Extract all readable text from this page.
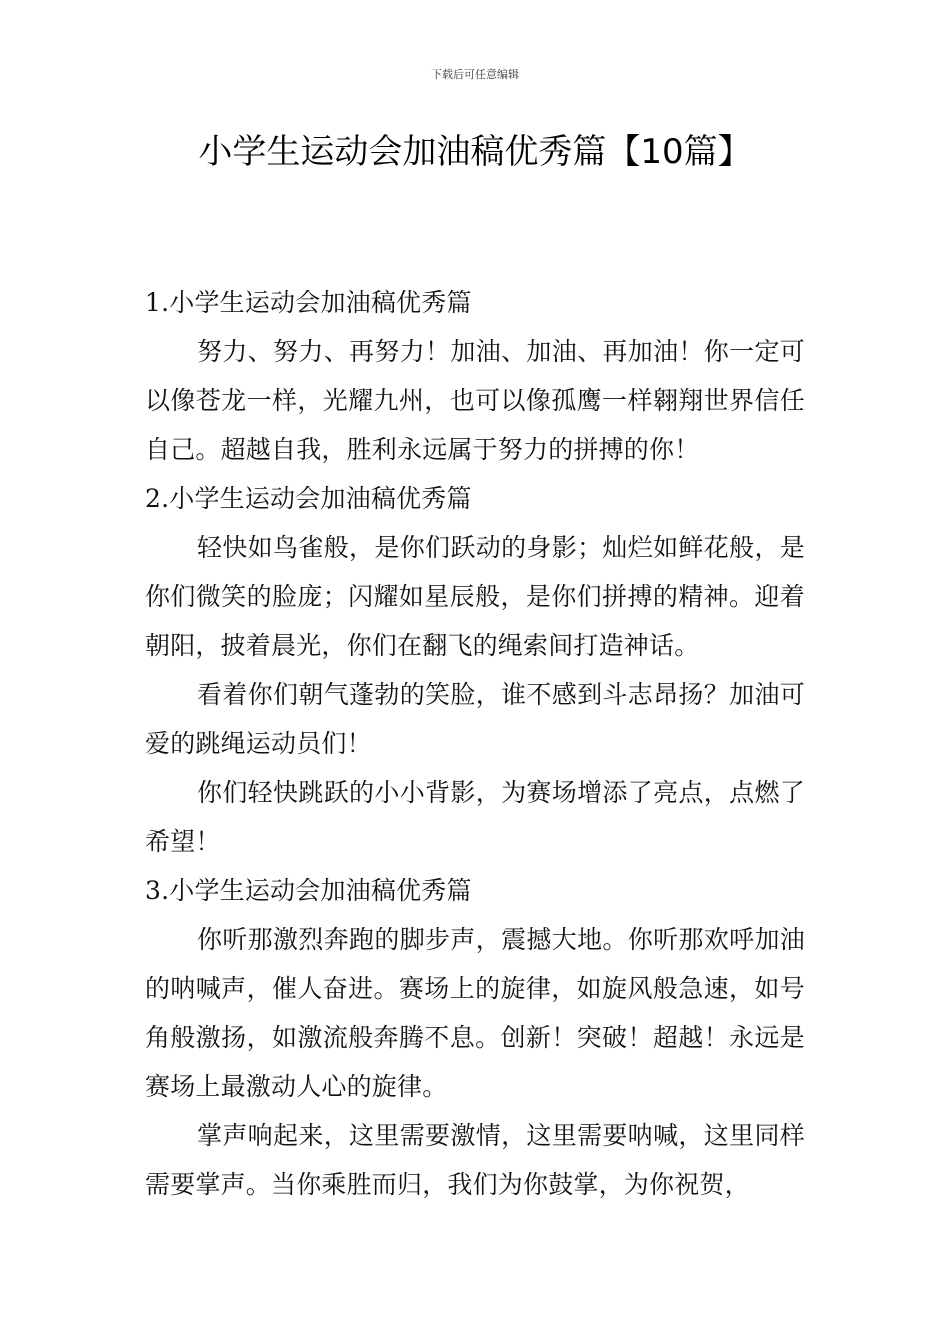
下载后可任意编辑
小学生运动会加油稿优秀篇【10篇】
1.小学生运动会加油稿优秀篇

努力、努力、再努力！加油、加油、再加油！你一定可以像苍龙一样，光耀九州，也可以像孤鹰一样翱翔世界信任自己。超越自我，胜利永远属于努力的拼搏的你！

2.小学生运动会加油稿优秀篇

轻快如鸟雀般，是你们跃动的身影；灿烂如鲜花般，是你们微笑的脸庞；闪耀如星辰般，是你们拼搏的精神。迎着朝阳，披着晨光，你们在翻飞的绳索间打造神话。

看着你们朝气蓬勃的笑脸，谁不感到斗志昂扬？加油可爱的跳绳运动员们！

你们轻快跳跃的小小背影，为赛场增添了亮点，点燃了希望！

3.小学生运动会加油稿优秀篇

你听那激烈奔跑的脚步声，震撼大地。你听那欢呼加油的呐喊声，催人奋进。赛场上的旋律，如旋风般急速，如号角般激扬，如激流般奔腾不息。创新！突破！超越！永远是赛场上最激动人心的旋律。

掌声响起来，这里需要激情，这里需要呐喊，这里同样需要掌声。当你乘胜而归，我们为你鼓掌，为你祝贺，
